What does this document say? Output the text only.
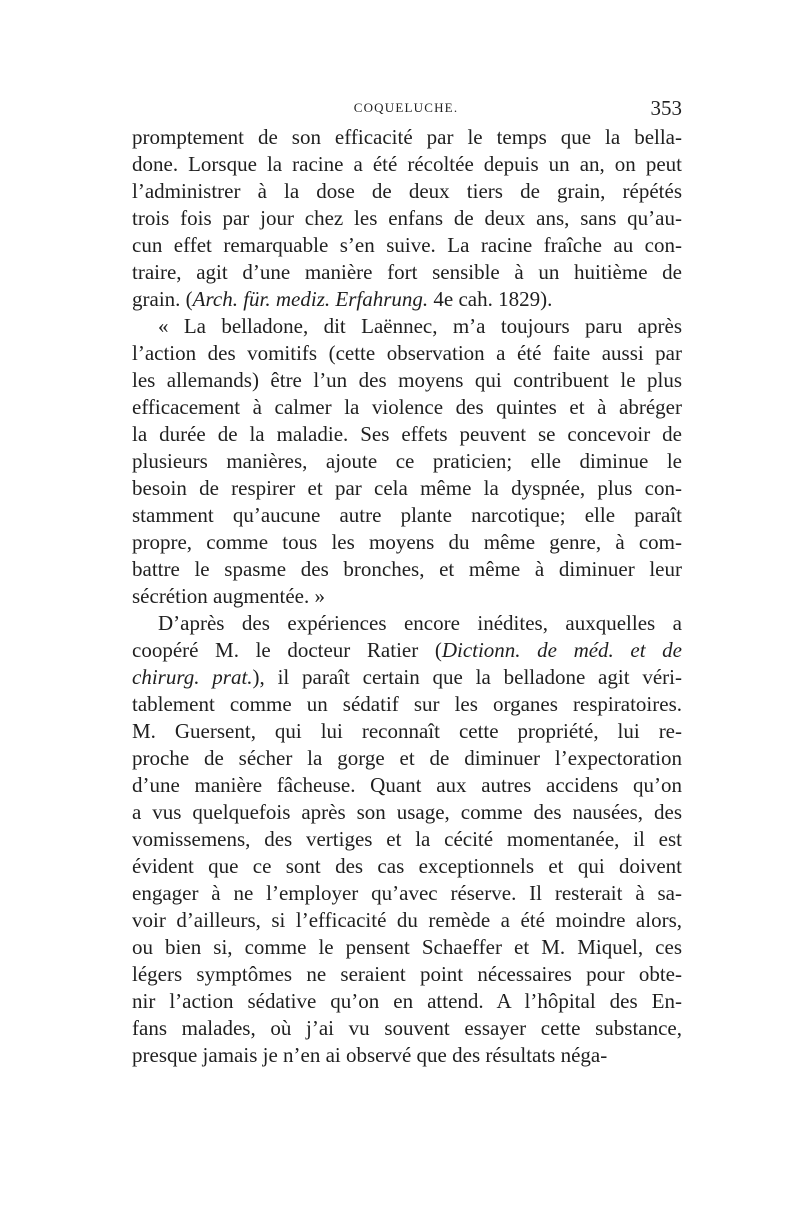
COQUELUCHE.	353
promptement de son efficacité par le temps que la bella-
done. Lorsque la racine a été récoltée depuis un an, on peut
l’administrer à la dose de deux tiers de grain, répétés
trois fois par jour chez les enfans de deux ans, sans qu’au-
cun effet remarquable s’en suive. La racine fraîche au con-
traire, agit d’une manière fort sensible à un huitième de
grain. (Arch. für. mediz. Erfahrung. 4e cah. 1829).
« La belladone, dit Laënnec, m’a toujours paru après
l’action des vomitifs (cette observation a été faite aussi par
les allemands) être l’un des moyens qui contribuent le plus
efficacement à calmer la violence des quintes et à abréger
la durée de la maladie. Ses effets peuvent se concevoir de
plusieurs manières, ajoute ce praticien; elle diminue le
besoin de respirer et par cela même la dyspnée, plus con-
stamment qu’aucune autre plante narcotique; elle paraît
propre, comme tous les moyens du même genre, à com-
battre le spasme des bronches, et même à diminuer leur
sécrétion augmentée. »
D’après des expériences encore inédites, auxquelles a
coopéré M. le docteur Ratier (Dictionn. de méd. et de
chirurg. prat.), il paraît certain que la belladone agit véri-
tablement comme un sédatif sur les organes respiratoires.
M. Guersent, qui lui reconnaît cette propriété, lui re-
proche de sécher la gorge et de diminuer l’expectoration
d’une manière fâcheuse. Quant aux autres accidens qu’on
a vus quelquefois après son usage, comme des nausées, des
vomissemens, des vertiges et la cécité momentanée, il est
évident que ce sont des cas exceptionnels et qui doivent
engager à ne l’employer qu’avec réserve. Il resterait à sa-
voir d’ailleurs, si l’efficacité du remède a été moindre alors,
ou bien si, comme le pensent Schaeffer et M. Miquel, ces
légers symptômes ne seraient point nécessaires pour obte-
nir l’action sédative qu’on en attend. A l’hôpital des En-
fans malades, où j’ai vu souvent essayer cette substance,
presque jamais je n’en ai observé que des résultats néga-
